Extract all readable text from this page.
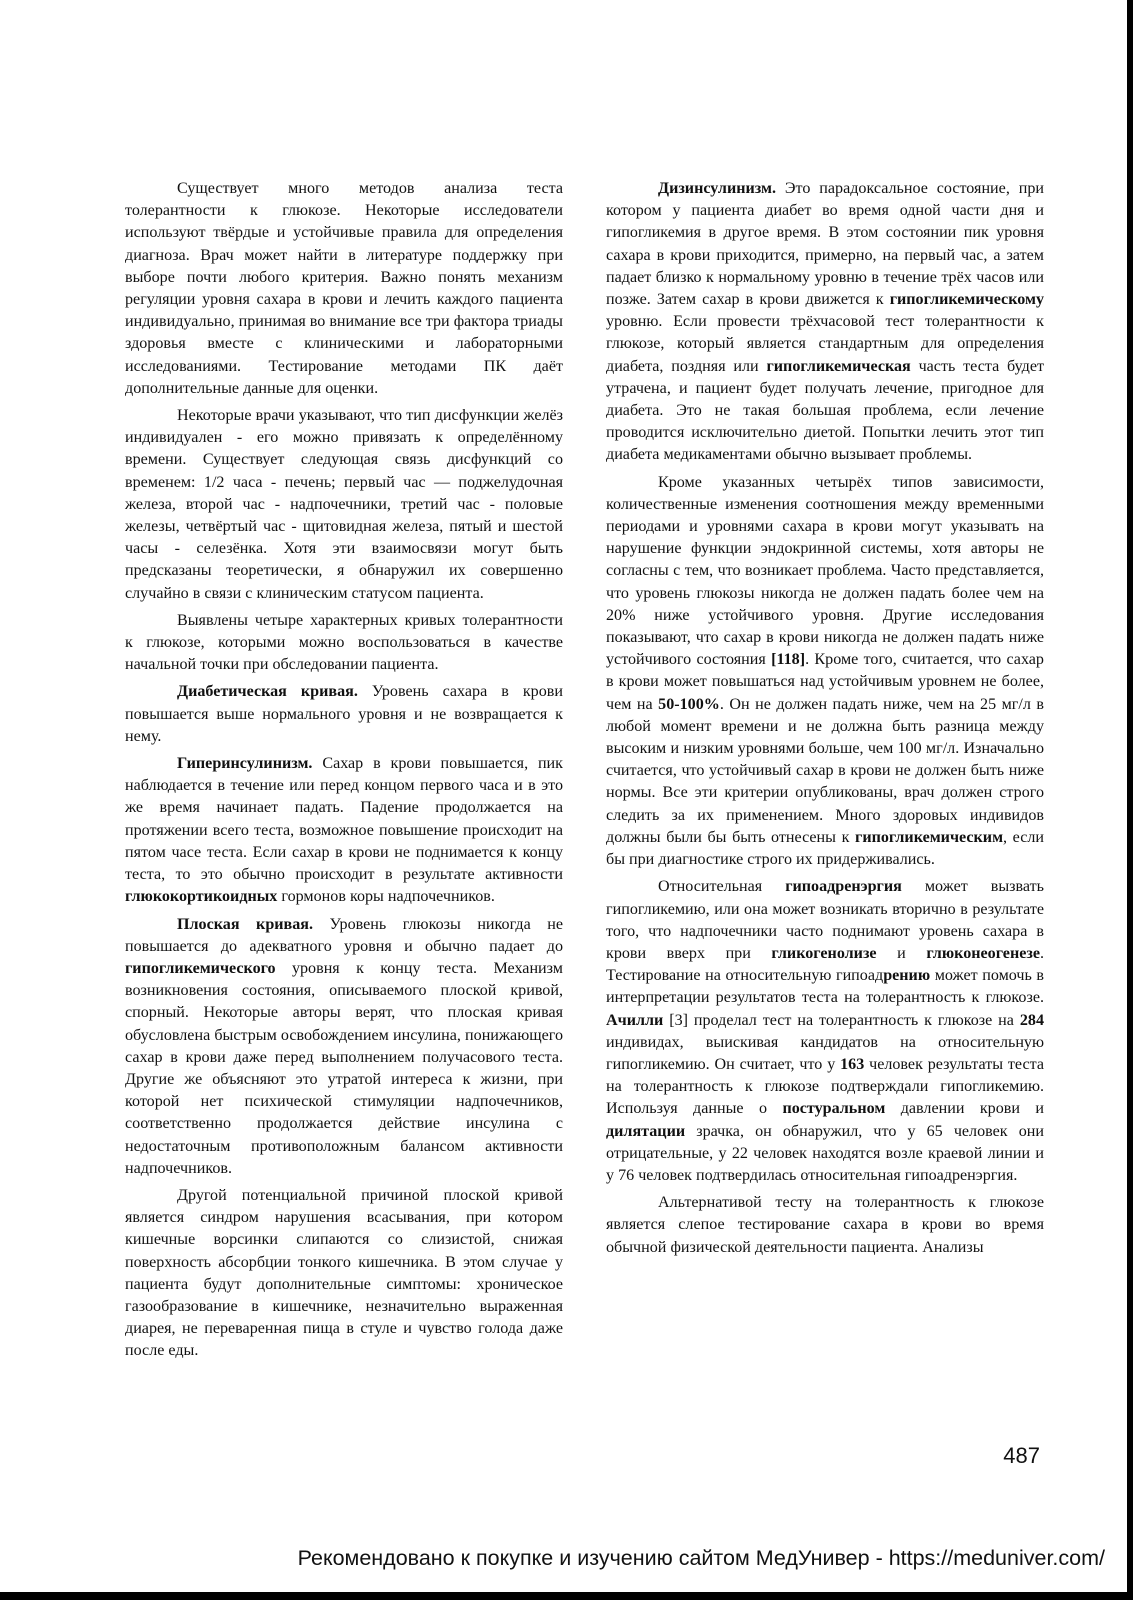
Существует много методов анализа теста толерантности к глюкозе. Некоторые исследователи используют твёрдые и устойчивые правила для определения диагноза. Врач может найти в литературе поддержку при выборе почти любого критерия. Важно понять механизм регуляции уровня сахара в крови и лечить каждого пациента индивидуально, принимая во внимание все три фактора триады здоровья вместе с клиническими и лабораторными исследованиями. Тестирование методами ПК даёт дополнительные данные для оценки.

Некоторые врачи указывают, что тип дисфункции желёз индивидуален - его можно привязать к определённому времени. Существует следующая связь дисфункций со временем: 1/2 часа - печень; первый час — поджелудочная железа, второй час - надпочечники, третий час - половые железы, четвёртый час - щитовидная железа, пятый и шестой часы - селезёнка. Хотя эти взаимосвязи могут быть предсказаны теоретически, я обнаружил их совершенно случайно в связи с клиническим статусом пациента.

Выявлены четыре характерных кривых толерантности к глюкозе, которыми можно воспользоваться в качестве начальной точки при обследовании пациента.

Диабетическая кривая. Уровень сахара в крови повышается выше нормального уровня и не возвращается к нему.

Гиперинсулинизм. Сахар в крови повышается, пик наблюдается в течение или перед концом первого часа и в это же время начинает падать. Падение продолжается на протяжении всего теста, возможное повышение происходит на пятом часе теста. Если сахар в крови не поднимается к концу теста, то это обычно происходит в результате активности глюкокортикоидных гормонов коры надпочечников.

Плоская кривая. Уровень глюкозы никогда не повышается до адекватного уровня и обычно падает до гипогликемического уровня к концу теста. Механизм возникновения состояния, описываемого плоской кривой, спорный. Некоторые авторы верят, что плоская кривая обусловлена быстрым освобождением инсулина, понижающего сахар в крови даже перед выполнением получасового теста. Другие же объясняют это утратой интереса к жизни, при которой нет психической стимуляции надпочечников, соответственно продолжается действие инсулина с недостаточным противоположным балансом активности надпочечников.

Другой потенциальной причиной плоской кривой является синдром нарушения всасывания, при котором кишечные ворсинки слипаются со слизистой, снижая поверхность абсорбции тонкого кишечника. В этом случае у пациента будут дополнительные симптомы: хроническое газообразование в кишечнике, незначительно выраженная диарея, не переваренная пища в стуле и чувство голода даже после еды.

Дизинсулинизм. Это парадоксальное состояние, при котором у пациента диабет во время одной части дня и гипогликемия в другое время. В этом состоянии пик уровня сахара в крови приходится, примерно, на первый час, а затем падает близко к нормальному уровню в течение трёх часов или позже. Затем сахар в крови движется к гипогликемическому уровню. Если провести трёхчасовой тест толерантности к глюкозе, который является стандартным для определения диабета, поздняя или гипогликемическая часть теста будет утрачена, и пациент будет получать лечение, пригодное для диабета. Это не такая большая проблема, если лечение проводится исключительно диетой. Попытки лечить этот тип диабета медикаментами обычно вызывает проблемы.

Кроме указанных четырёх типов зависимости, количественные изменения соотношения между временными периодами и уровнями сахара в крови могут указывать на нарушение функции эндокринной системы, хотя авторы не согласны с тем, что возникает проблема. Часто представляется, что уровень глюкозы никогда не должен падать более чем на 20% ниже устойчивого уровня. Другие исследования показывают, что сахар в крови никогда не должен падать ниже устойчивого состояния [118]. Кроме того, считается, что сахар в крови может повышаться над устойчивым уровнем не более, чем на 50-100%. Он не должен падать ниже, чем на 25 мг/л в любой момент времени и не должна быть разница между высоким и низким уровнями больше, чем 100 мг/л. Изначально считается, что устойчивый сахар в крови не должен быть ниже нормы. Все эти критерии опубликованы, врач должен строго следить за их применением. Много здоровых индивидов должны были бы быть отнесены к гипогликемическим, если бы при диагностике строго их придерживались.

Относительная гипоадренэргия может вызвать гипогликемию, или она может возникать вторично в результате того, что надпочечники часто поднимают уровень сахара в крови вверх при гликогенолизе и глюконеогенезе. Тестирование на относительную гипоадрению может помочь в интерпретации результатов теста на толерантность к глюкозе. Ачилли [3] проделал тест на толерантность к глюкозе на 284 индивидах, выискивая кандидатов на относительную гипогликемию. Он считает, что у 163 человек результаты теста на толерантность к глюкозе подтверждали гипогликемию. Используя данные о постуральном давлении крови и дилятации зрачка, он обнаружил, что у 65 человек они отрицательные, у 22 человек находятся возле краевой линии и у 76 человек подтвердилась относительная гипоадренэргия.

Альтернативой тесту на толерантность к глюкозе является слепое тестирование сахара в крови во время обычной физической деятельности пациента. Анализы

487
Рекомендовано к покупке и изучению сайтом МедУнивер - https://meduniver.com/
